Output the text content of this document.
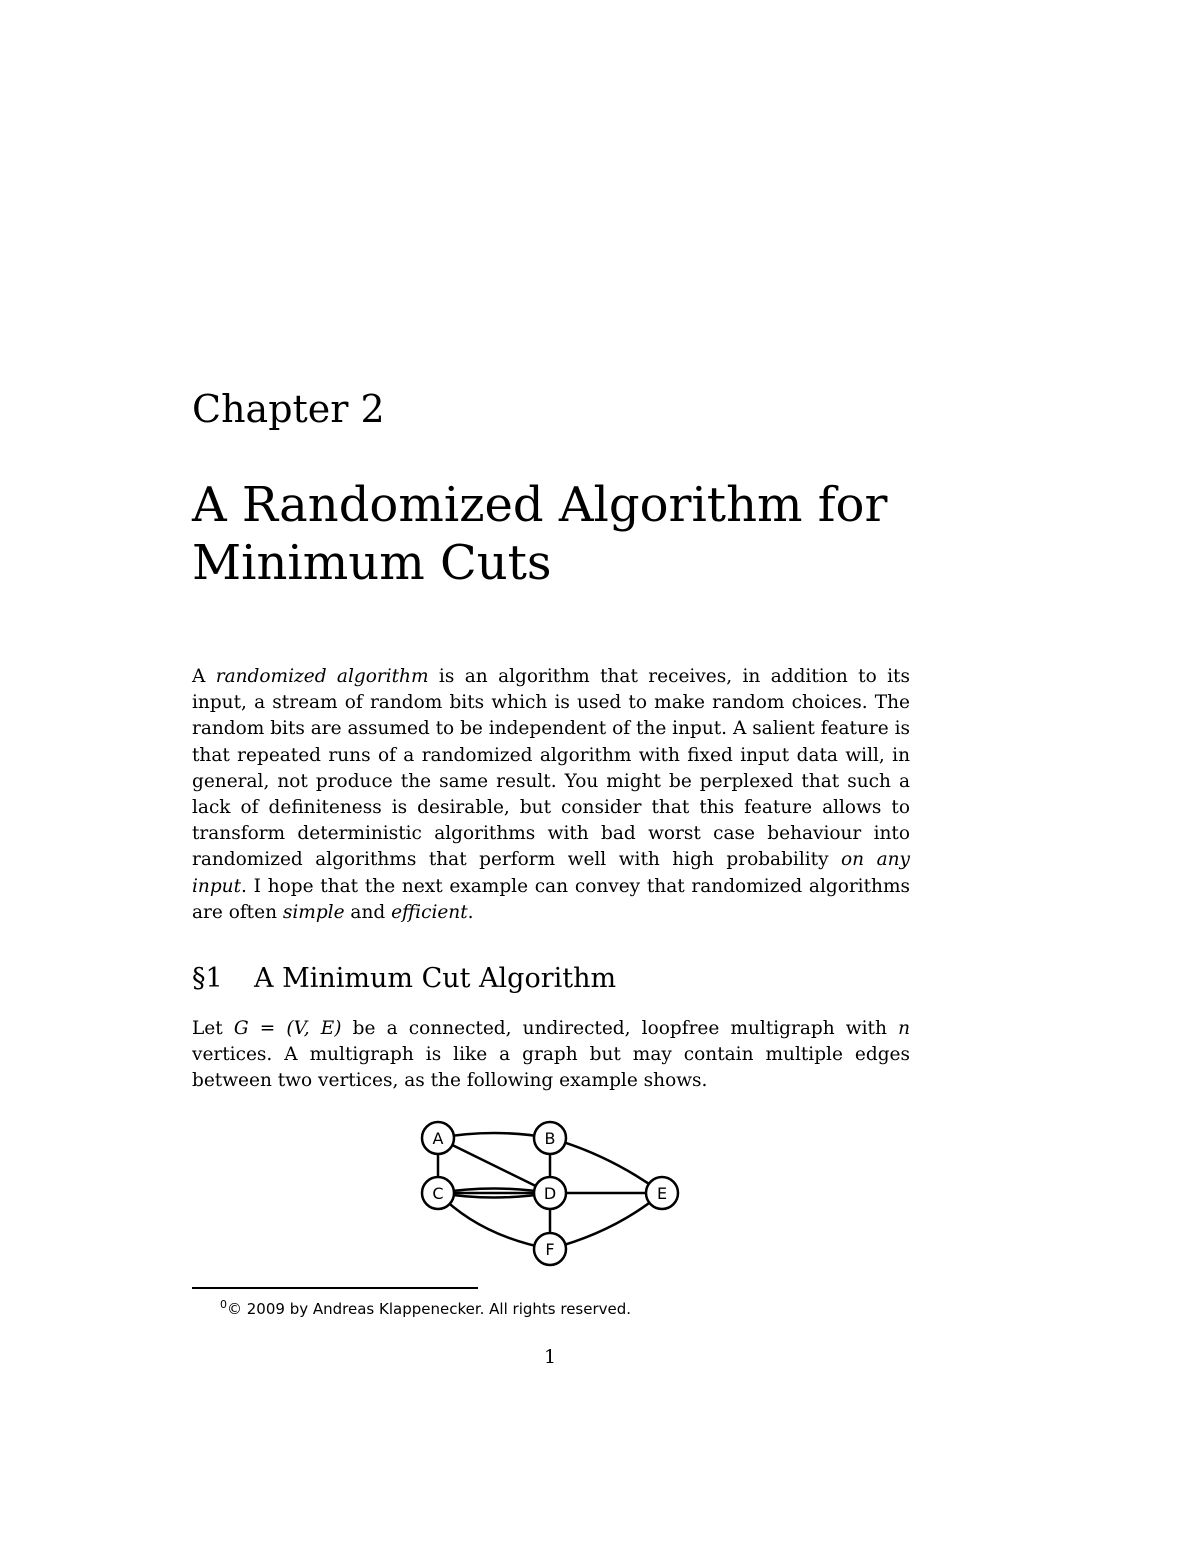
Chapter 2
A Randomized Algorithm for Minimum Cuts

A randomized algorithm is an algorithm that receives, in addition to its input, a stream of random bits which is used to make random choices. The random bits are assumed to be independent of the input. A salient feature is that repeated runs of a randomized algorithm with fixed input data will, in general, not produce the same result. You might be perplexed that such a lack of definiteness is desirable, but consider that this feature allows to transform deterministic algorithms with bad worst case behaviour into randomized algorithms that perform well with high probability on any input. I hope that the next example can convey that randomized algorithms are often simple and efficient.

§1 A Minimum Cut Algorithm

Let G = (V, E) be a connected, undirected, loopfree multigraph with n vertices. A multigraph is like a graph but may contain multiple edges between two vertices, as the following example shows.

A	B
C	D	E
F
$^0$© 2009 by Andreas Klappenecker. All rights reserved.
1
